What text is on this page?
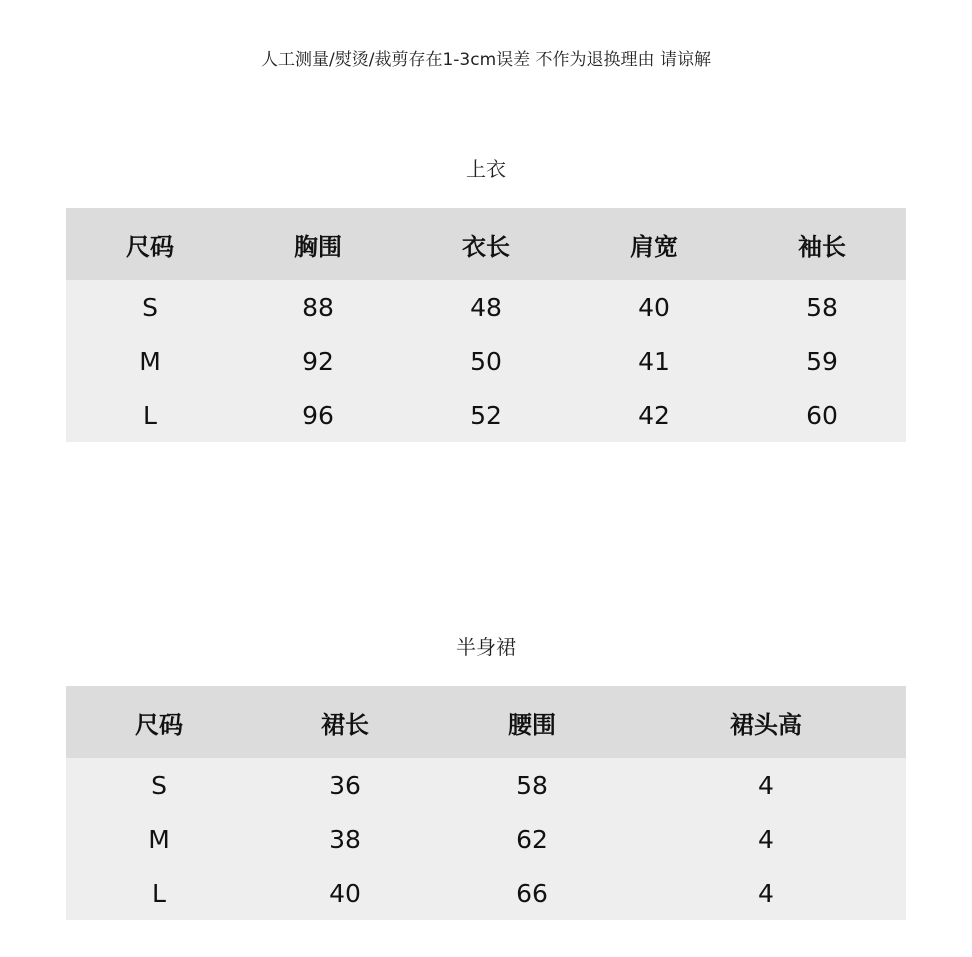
人工测量/熨烫/裁剪存在1-3cm误差 不作为退换理由 请谅解
上衣
尺码	胸围	衣长	肩宽	袖长
S	88	48	40	58
M	92	50	41	59
L	96	52	42	60
半身裙
尺码	裙长	腰围	裙头高
S	36	58	4
M	38	62	4
L	40	66	4
